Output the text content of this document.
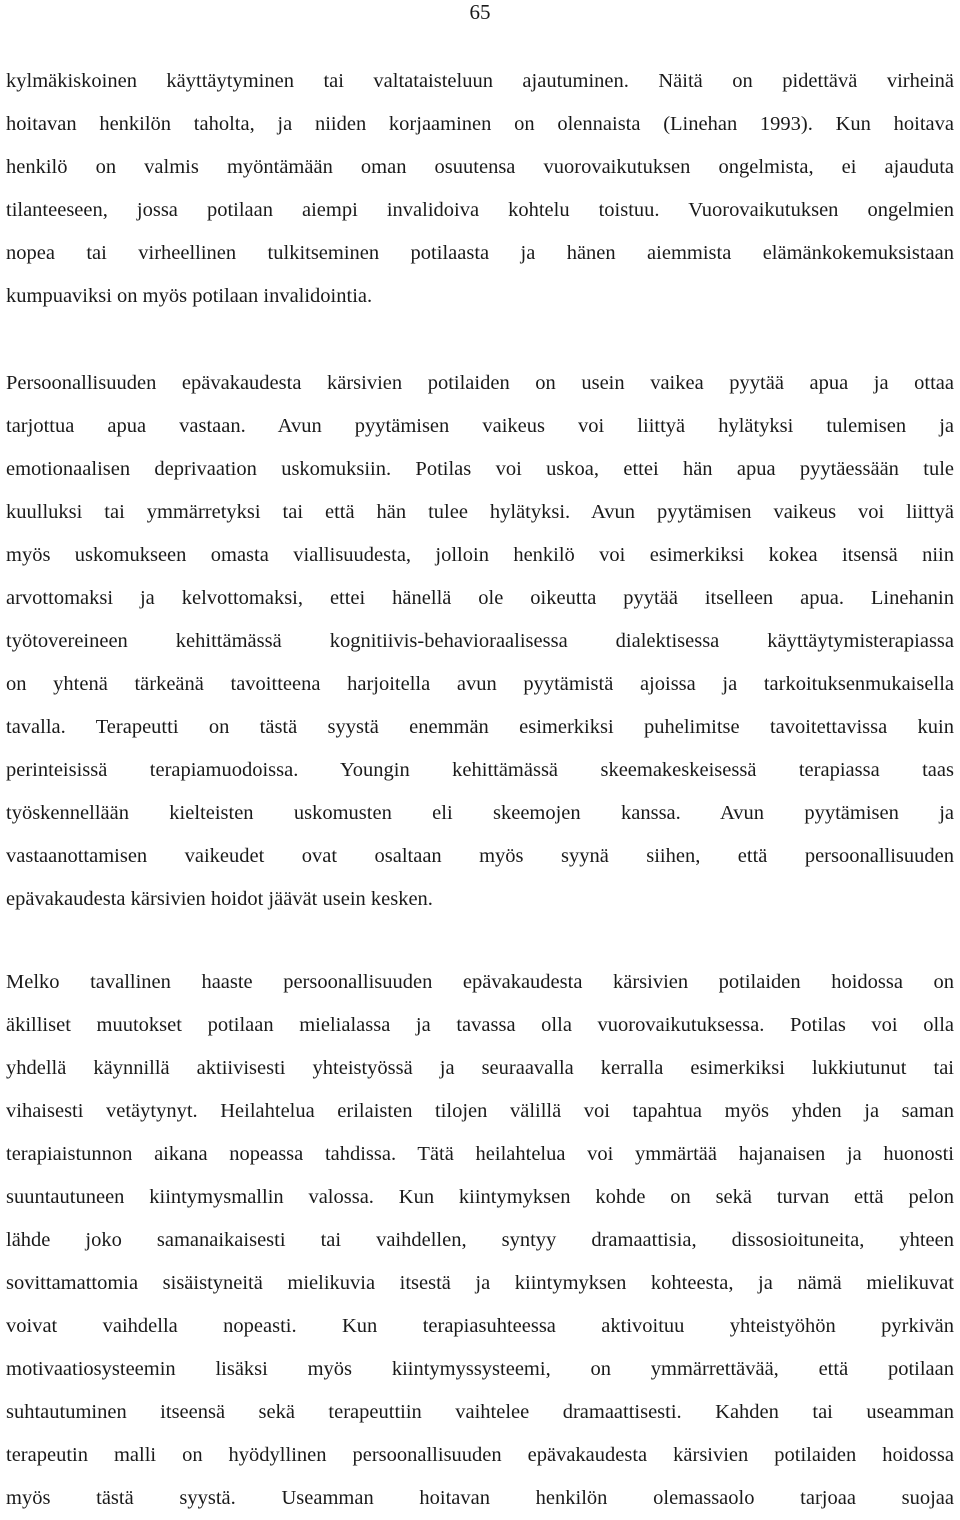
65
kylmäkiskoinen käyttäytyminen tai valtataisteluun ajautuminen. Näitä on pidettävä virheinä
hoitavan henkilön taholta, ja niiden korjaaminen on olennaista (Linehan 1993). Kun hoitava
henkilö on valmis myöntämään oman osuutensa vuorovaikutuksen ongelmista, ei ajauduta
tilanteeseen, jossa potilaan aiempi invalidoiva kohtelu toistuu. Vuorovaikutuksen ongelmien
nopea tai virheellinen tulkitseminen potilaasta ja hänen aiemmista elämänkokemuksistaan
kumpuaviksi on myös potilaan invalidointia.
Persoonallisuuden epävakaudesta kärsivien potilaiden on usein vaikea pyytää apua ja ottaa
tarjottua apua vastaan. Avun pyytämisen vaikeus voi liittyä hylätyksi tulemisen ja
emotionaalisen deprivaation uskomuksiin. Potilas voi uskoa, ettei hän apua pyytäessään tule
kuulluksi tai ymmärretyksi tai että hän tulee hylätyksi. Avun pyytämisen vaikeus voi liittyä
myös uskomukseen omasta viallisuudesta, jolloin henkilö voi esimerkiksi kokea itsensä niin
arvottomaksi ja kelvottomaksi, ettei hänellä ole oikeutta pyytää itselleen apua. Linehanin
työtovereineen kehittämässä kognitiivis-behavioraalisessa dialektisessa käyttäytymisterapiassa
on yhtenä tärkeänä tavoitteena harjoitella avun pyytämistä ajoissa ja tarkoituksenmukaisella
tavalla. Terapeutti on tästä syystä enemmän esimerkiksi puhelimitse tavoitettavissa kuin
perinteisissä terapiamuodoissa. Youngin kehittämässä skeemakeskeisessä terapiassa taas
työskennellään kielteisten uskomusten eli skeemojen kanssa. Avun pyytämisen ja
vastaanottamisen vaikeudet ovat osaltaan myös syynä siihen, että persoonallisuuden
epävakaudesta kärsivien hoidot jäävät usein kesken.
Melko tavallinen haaste persoonallisuuden epävakaudesta kärsivien potilaiden hoidossa on
äkilliset muutokset potilaan mielialassa ja tavassa olla vuorovaikutuksessa. Potilas voi olla
yhdellä käynnillä aktiivisesti yhteistyössä ja seuraavalla kerralla esimerkiksi lukkiutunut tai
vihaisesti vetäytynyt. Heilahtelua erilaisten tilojen välillä voi tapahtua myös yhden ja saman
terapiaistunnon aikana nopeassa tahdissa. Tätä heilahtelua voi ymmärtää hajanaisen ja huonosti
suuntautuneen kiintymysmallin valossa. Kun kiintymyksen kohde on sekä turvan että pelon
lähde joko samanaikaisesti tai vaihdellen, syntyy dramaattisia, dissosioituneita, yhteen
sovittamattomia sisäistyneitä mielikuvia itsestä ja kiintymyksen kohteesta, ja nämä mielikuvat
voivat vaihdella nopeasti. Kun terapiasuhteessa aktivoituu yhteistyöhön pyrkivän
motivaatiosysteemin lisäksi myös kiintymyssysteemi, on ymmärrettävää, että potilaan
suhtautuminen itseensä sekä terapeuttiin vaihtelee dramaattisesti. Kahden tai useamman
terapeutin malli on hyödyllinen persoonallisuuden epävakaudesta kärsivien potilaiden hoidossa
myös tästä syystä. Useamman hoitavan henkilön olemassaolo tarjoaa suojaa
